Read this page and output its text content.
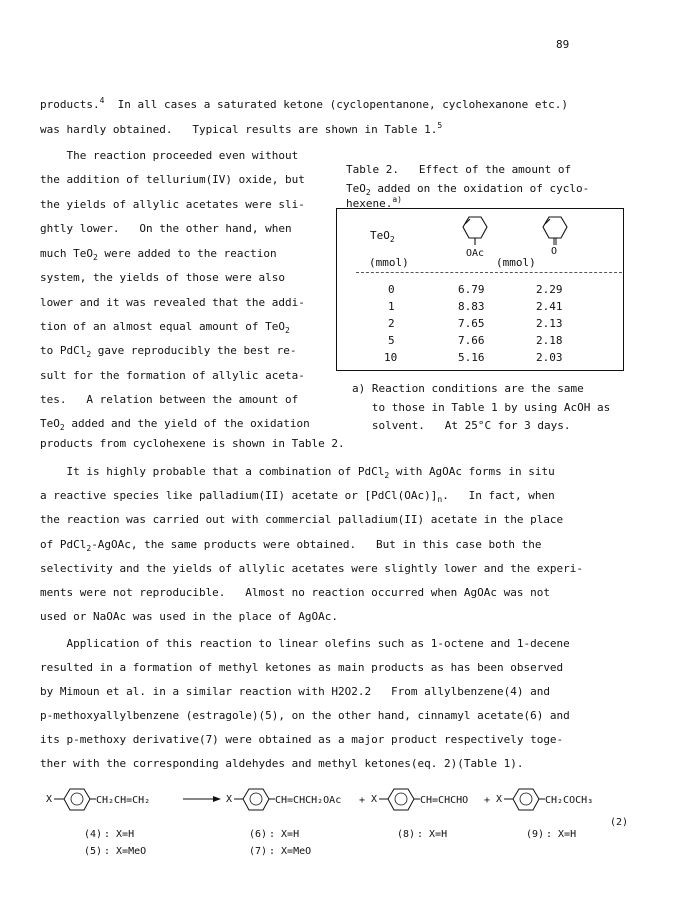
89
products.$^4$  In all cases a saturated ketone (cyclopentanone, cyclohexanone etc.)
was hardly obtained.   Typical results are shown in Table 1.$^5$
The reaction proceeded even without
the addition of tellurium(IV) oxide, but
the yields of allylic acetates were sli-
ghtly lower.   On the other hand, when
much TeO$_2$ were added to the reaction
system, the yields of those were also
lower and it was revealed that the addi-
tion of an almost equal amount of TeO$_2$
to PdCl$_2$ gave reproducibly the best re-
sult for the formation of allylic aceta-
tes.   A relation between the amount of
TeO$_2$ added and the yield of the oxidation
products from cyclohexene is shown in Table 2.
Table 2.   Effect of the amount of
TeO$_2$ added on the oxidation of cyclo-
hexene.$^{a)}$
TeO$_2$
(mmol)
OAc
(mmol)
O
0	6.79	2.29
1	8.83	2.41
2	7.65	2.13
5	7.66	2.18
10	5.16	2.03
a) Reaction conditions are the same
to those in Table 1 by using AcOH as
solvent.   At 25°C for 3 days.
It is highly probable that a combination of PdCl$_2$ with AgOAc forms in situ
a reactive species like palladium(II) acetate or $[PdCl(OAc)]_n$.   In fact, when
the reaction was carried out with commercial palladium(II) acetate in the place
of PdCl$_2$-AgOAc, the same products were obtained.   But in this case both the
selectivity and the yields of allylic acetates were slightly lower and the experi-
ments were not reproducible.   Almost no reaction occurred when AgOAc was not
used or NaOAc was used in the place of AgOAc.
Application of this reaction to linear olefins such as 1-octene and 1-decene
resulted in a formation of methyl ketones as main products as has been observed
by Mimoun et al. in a similar reaction with H2O2.2   From allylbenzene(4) and
p-methoxyallylbenzene (estragole)(5), on the other hand, cinnamyl acetate(6) and
its p-methoxy derivative(7) were obtained as a major product respectively toge-
ther with the corresponding aldehydes and methyl ketones(eq. 2)(Table 1).
X	CH₂CH=CH₂	X	CH=CHCH₂OAc + X	CH=CHCHO + X	CH₂COCH₃
(2)
(4) : X=H
(5) : X=MeO
(6) : X=H
(7) : X=MeO
(8) : X=H	(9) : X=H
